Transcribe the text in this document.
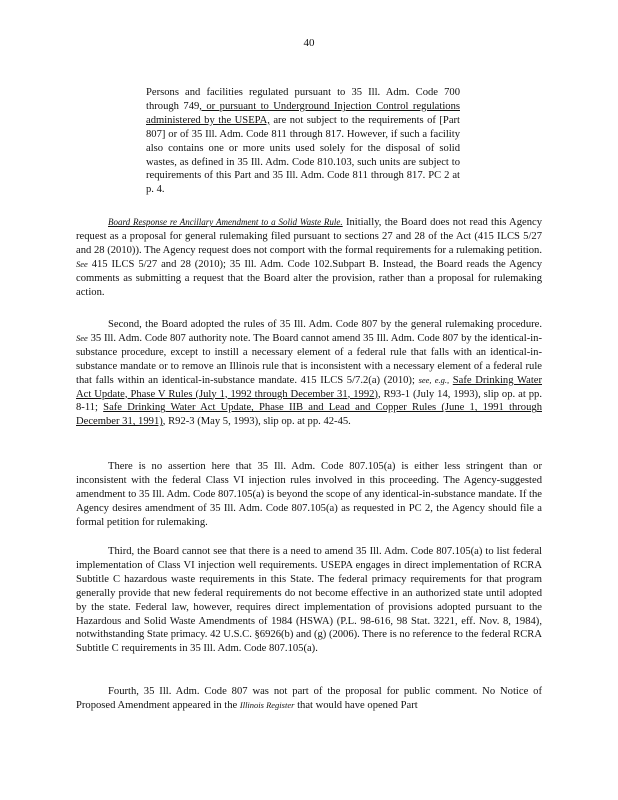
40
Persons and facilities regulated pursuant to 35 Ill. Adm. Code 700 through 749, or pursuant to Underground Injection Control regulations administered by the USEPA, are not subject to the requirements of [Part 807] or of 35 Ill. Adm. Code 811 through 817. However, if such a facility also contains one or more units used solely for the disposal of solid wastes, as defined in 35 Ill. Adm. Code 810.103, such units are subject to requirements of this Part and 35 Ill. Adm. Code 811 through 817. PC 2 at p. 4.
Board Response re Ancillary Amendment to a Solid Waste Rule. Initially, the Board does not read this Agency request as a proposal for general rulemaking filed pursuant to sections 27 and 28 of the Act (415 ILCS 5/27 and 28 (2010)). The Agency request does not comport with the formal requirements for a rulemaking petition. See 415 ILCS 5/27 and 28 (2010); 35 Ill. Adm. Code 102.Subpart B. Instead, the Board reads the Agency comments as submitting a request that the Board alter the provision, rather than a proposal for rulemaking action.
Second, the Board adopted the rules of 35 Ill. Adm. Code 807 by the general rulemaking procedure. See 35 Ill. Adm. Code 807 authority note. The Board cannot amend 35 Ill. Adm. Code 807 by the identical-in-substance procedure, except to instill a necessary element of a federal rule that falls with an identical-in-substance mandate or to remove an Illinois rule that is inconsistent with a necessary element of a federal rule that falls within an identical-in-substance mandate. 415 ILCS 5/7.2(a) (2010); see, e.g., Safe Drinking Water Act Update, Phase V Rules (July 1, 1992 through December 31, 1992), R93-1 (July 14, 1993), slip op. at pp. 8-11; Safe Drinking Water Act Update, Phase IIB and Lead and Copper Rules (June 1, 1991 through December 31, 1991), R92-3 (May 5, 1993), slip op. at pp. 42-45.
There is no assertion here that 35 Ill. Adm. Code 807.105(a) is either less stringent than or inconsistent with the federal Class VI injection rules involved in this proceeding. The Agency-suggested amendment to 35 Ill. Adm. Code 807.105(a) is beyond the scope of any identical-in-substance mandate. If the Agency desires amendment of 35 Ill. Adm. Code 807.105(a) as requested in PC 2, the Agency should file a formal petition for rulemaking.
Third, the Board cannot see that there is a need to amend 35 Ill. Adm. Code 807.105(a) to list federal implementation of Class VI injection well requirements. USEPA engages in direct implementation of RCRA Subtitle C hazardous waste requirements in this State. The federal primacy requirements for that program generally provide that new federal requirements do not become effective in an authorized state until adopted by the state. Federal law, however, requires direct implementation of provisions adopted pursuant to the Hazardous and Solid Waste Amendments of 1984 (HSWA) (P.L. 98-616, 98 Stat. 3221, eff. Nov. 8, 1984), notwithstanding State primacy. 42 U.S.C. §6926(b) and (g) (2006). There is no reference to the federal RCRA Subtitle C requirements in 35 Ill. Adm. Code 807.105(a).
Fourth, 35 Ill. Adm. Code 807 was not part of the proposal for public comment. No Notice of Proposed Amendment appeared in the Illinois Register that would have opened Part
